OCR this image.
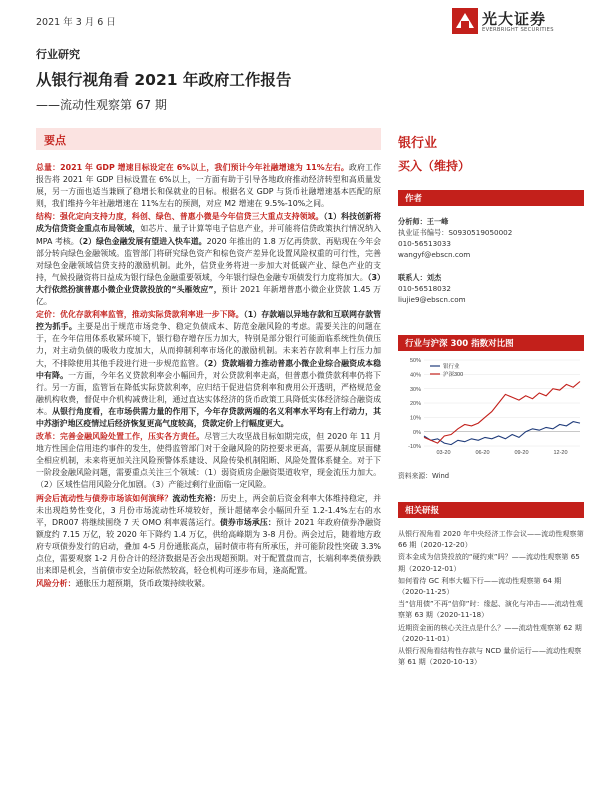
2021 年 3 月 6 日	光大证券
EVERBRIGHT SECURITIES
行业研究
从银行视角看 2021 年政府工作报告
——流动性观察第 67 期
要点
总量：2021 年 GDP 增速目标设定在 6%以上，我们预计今年社融增速为 11%左右。政府工作报告将 2021 年 GDP 目标设置在 6%以上，一方面有助于引导各地政府推动经济转型和高质量发展，另一方面也适当兼顾了稳增长和保就业的目标。根据名义 GDP 与货币社融增速基本匹配的原则，我们维持今年社融增速在 11%左右的预测，对应 M2 增速在 9.5%-10%之间。
结构：强化定向支持力度，科创、绿色、普惠小微是今年信贷三大重点支持领域。（1）科技创新将成为信贷资金重点布局领域，如芯片、量子计算等电子信息产业，并可能将信贷政策执行情况纳入 MPA 考核。（2）绿色金融发展有望进入快车道。2020 年推出的 1.8 万亿再贷款、再贴现在今年会部分转向绿色金融领域。监管部门将研究绿色资产和棕色资产差异化设置风险权重的可行性，完善对绿色金融领域信贷支持的激励机制。此外，信贷业务将进一步加大对低碳产业、绿色产业的支持，气候投融资将日益成为银行绿色金融重要领域，今年银行绿色金融专项债发行力度将加大。（3）大行依然扮演普惠小微企业贷款投放的“头雁效应”，预计 2021 年新增普惠小微企业贷款 1.45 万亿。
定价：优化存款利率监管，推动实际贷款利率进一步下降。（1）存款端以异地存款和互联网存款管控为抓手。主要是出于规范市场竞争、稳定负债成本、防范金融风险的考虑。需要关注的问题在于，在今年信用体系收紧环境下，银行稳存增存压力加大，特别是部分银行可能面临系统性负债压力，对主动负债的吸收力度加大，从而抑制利率市场化的激励机制。未来若存款利率上行压力加大，不排除使用其他手段进行进一步规范监管。（2）贷款端着力推动普惠小微企业综合融资成本稳中有降。一方面，今年名义贷款利率会小幅回升，对公贷款利率走高，但普惠小微贷款利率仍将下行。另一方面，监管旨在降低实际贷款利率，应归结于促进信贷利率和费用公开透明，严格规范金融机构收费，督促中介机构减费让利，通过直达实体经济的货币政策工具降低实体经济综合融资成本。从银行角度看，在市场供需力量的作用下，今年存贷款两端的名义利率水平均有上行动力，其中苏浙沪地区疫情过后经济恢复更高气度较高，贷款定价上行幅度更大。
改革：完善金融风险处置工作，压实各方责任。尽管三大攻坚战目标如期完成，但 2020 年 11 月地方性国企信用违约事件的发生，使得监管部门对于金融风险的防控要求更高，需要从制度层面健全相应机制，未来将更加关注风险预警体系建设、风险传染机制阻断、风险处置体系健全。对于下一阶段金融风险问题，需要重点关注三个领域：（1）弱资质房企融资渠道收窄，现金流压力加大。（2）区域性信用风险分化加剧。（3）产能过剩行业面临一定风险。
两会后流动性与债券市场该如何演绎？流动性充裕：历史上，两会前后资金利率大体维持稳定，并未出现趋势性变化，3 月份市场流动性环境较好，预计超储率会小幅回升至 1.2-1.4%左右的水平，DR007 将继续围绕 7 天 OMO 利率震荡运行。债券市场承压：预计 2021 年政府债券净融资额度约 7.15 万亿，较 2020 年下降约 1.4 万亿，供给高峰期为 3-8 月份。两会过后，随着地方政府专项债券发行的启动，叠加 4-5 月份通胀高点，届时债市将有所承压，并可能阶段性突破 3.3%点位，需要观察 1-2 月份合计的经济数据是否会出现超预期。对于配置盘而言，长端利率类债券跌出来即是机会，当前债市安全边际依然较高，轻仓机构可逐步布局，逢高配置。
风险分析：通胀压力超预期，货币政策持续收紧。
银行业
买入（维持）
作者
分析师：王一峰
执业证书编号：S0930519050002
010-56513033
wangyf@ebscn.com
联系人：刘杰
010-56518032
liujie9@ebscn.com
行业与沪深 300 指数对比图
50%
40%
30%
20%
10%
0%
-10%
03-20	06-20	09-20	12-20
银行业
沪深300
资料来源：Wind
相关研报
从银行视角看 2020 年中央经济工作会议——流动性观察第 66 期（2020-12-20）
资本金成为信贷投放的“硬约束”吗？——流动性观察第 65 期（2020-12-01）
如何看待 GC 利率大幅下行——流动性观察第 64 期（2020-11-25）
当“信用债”不再“信仰”时：缘起、演化与冲击——流动性观察第 63 期（2020-11-18）
近期资金面的核心关注点是什么？——流动性观察第 62 期（2020-11-01）
从银行视角看结构性存款与 NCD 量价运行——流动性观察第 61 期（2020-10-13）
